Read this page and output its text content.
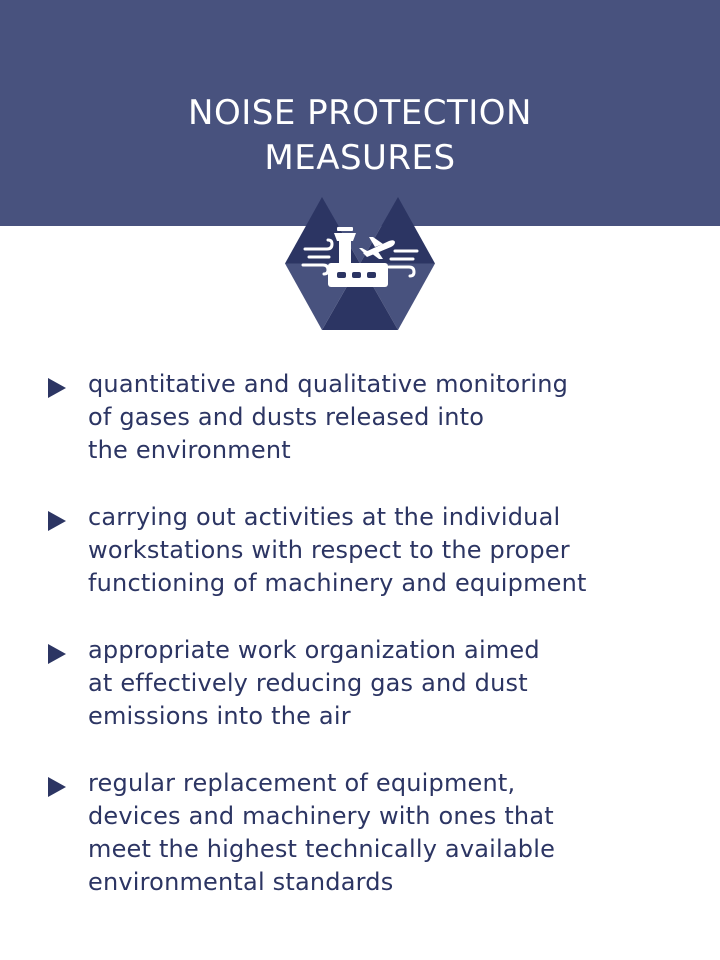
NOISE PROTECTION
MEASURES
quantitative and qualitative monitoring
of gases and dusts released into
the environment
carrying out activities at the individual
workstations with respect to the proper
functioning of machinery and equipment
appropriate work organization aimed
at effectively reducing gas and dust
emissions into the air
regular replacement of equipment,
devices and machinery with ones that
meet the highest technically available
environmental standards
